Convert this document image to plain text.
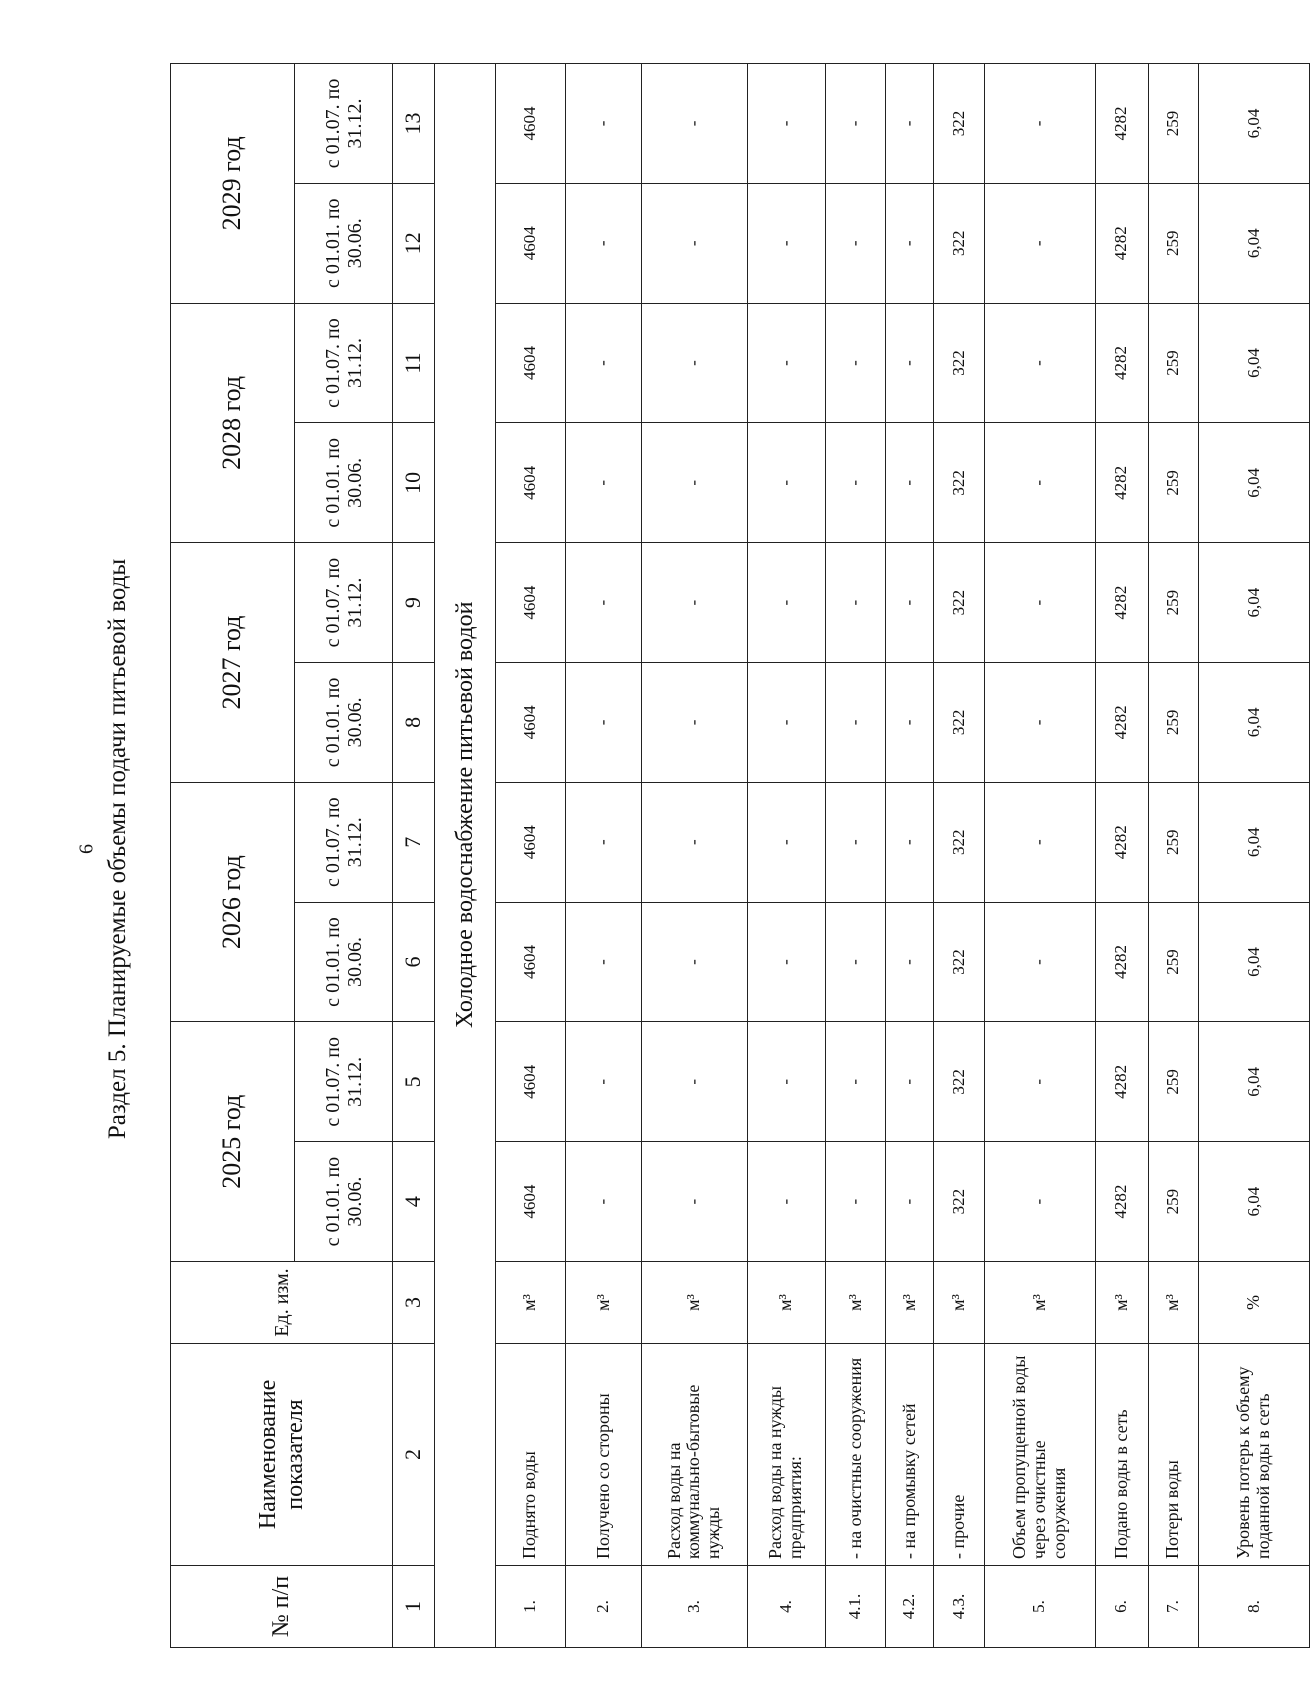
6 Раздел 5. Планируемые объемы подачи питьевой воды
№ п/п	Наименование показателя	Ед. изм.	2025 год		2026 год		2027 год		2028 год		2029 год	
			с 01.01. по 30.06.	с 01.07. по 31.12.	с 01.01. по 30.06.	с 01.07. по 31.12.	с 01.01. по 30.06.	с 01.07. по 31.12.	с 01.01. по 30.06.	с 01.07. по 31.12.	с 01.01. по 30.06.	с 01.07. по 31.12.
1	2	3	4	5	6	7	8	9	10	11	12	13
	Холодное водоснабжение питьевой водой											
1.	Поднято воды	м³	4604	4604	4604	4604	4604	4604	4604	4604	4604	4604
2.	Получено со стороны	м³	-	-	-	-	-	-	-	-	-	-
3.	Расход воды на коммунально-бытовые нужды	м³	-	-	-	-	-	-	-	-	-	-
4.	Расход воды на нужды предприятия:	м³	-	-	-	-	-	-	-	-	-	-
4.1.	- на очистные сооружения	м³	-	-	-	-	-	-	-	-	-	-
4.2.	- на промывку сетей	м³	-	-	-	-	-	-	-	-	-	-
4.3.	- прочие	м³	322	322	322	322	322	322	322	322	322	322
5.	Объем пропущенной воды через очистные сооружения	м³	-	-	-	-	-	-	-	-	-	-
6.	Подано воды в сеть	м³	4282	4282	4282	4282	4282	4282	4282	4282	4282	4282
7.	Потери воды	м³	259	259	259	259	259	259	259	259	259	259
8.	Уровень потерь к объему поданной воды в сеть	%	6,04	6,04	6,04	6,04	6,04	6,04	6,04	6,04	6,04	6,04
